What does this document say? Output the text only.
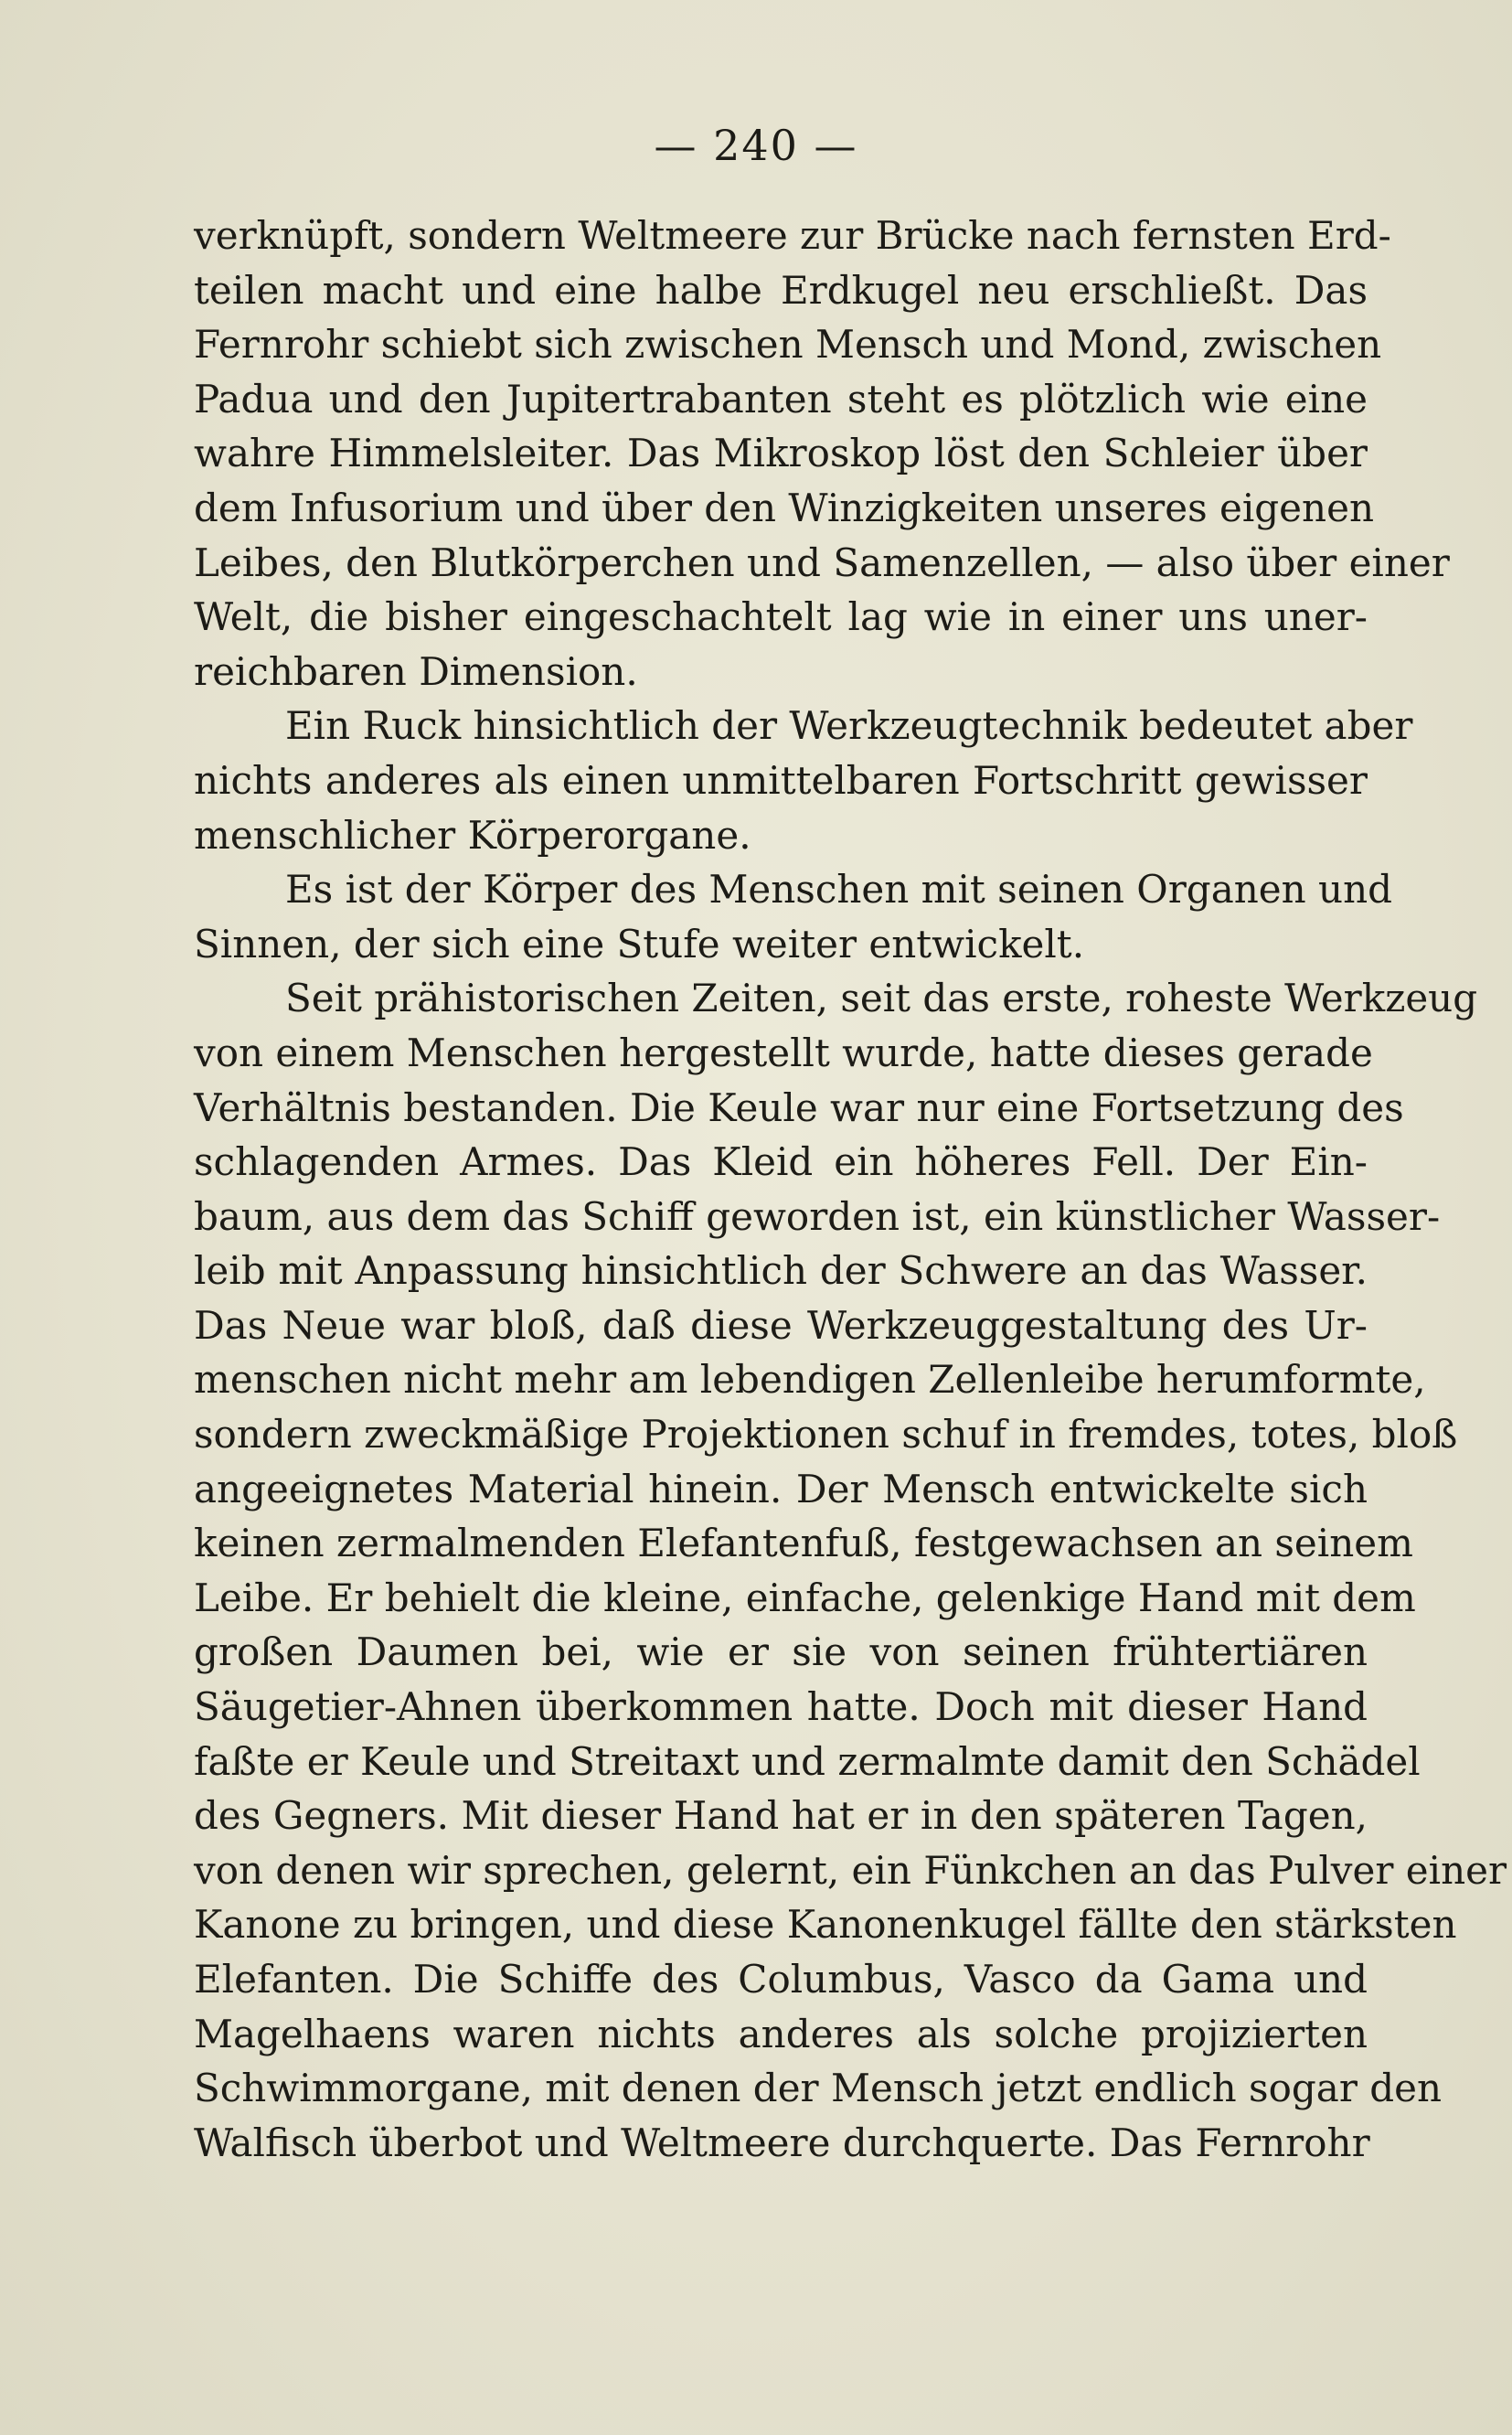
— 240 —

verknüpft, sondern Weltmeere zur Brücke nach fernsten Erd-
teilen macht und eine halbe Erdkugel neu erschließt. Das
Fernrohr schiebt sich zwischen Mensch und Mond, zwischen
Padua und den Jupitertrabanten steht es plötzlich wie eine
wahre Himmelsleiter. Das Mikroskop löst den Schleier über
dem Infusorium und über den Winzigkeiten unseres eigenen
Leibes, den Blutkörperchen und Samenzellen, — also über einer
Welt, die bisher eingeschachtelt lag wie in einer uns uner-
reichbaren Dimension.

Ein Ruck hinsichtlich der Werkzeugtechnik bedeutet aber
nichts anderes als einen unmittelbaren Fortschritt gewisser
menschlicher Körperorgane.

Es ist der Körper des Menschen mit seinen Organen und
Sinnen, der sich eine Stufe weiter entwickelt.

Seit prähistorischen Zeiten, seit das erste, roheste Werkzeug
von einem Menschen hergestellt wurde, hatte dieses gerade
Verhältnis bestanden. Die Keule war nur eine Fortsetzung des
schlagenden Armes. Das Kleid ein höheres Fell. Der Ein-
baum, aus dem das Schiff geworden ist, ein künstlicher Wasser-
leib mit Anpassung hinsichtlich der Schwere an das Wasser.
Das Neue war bloß, daß diese Werkzeuggestaltung des Ur-
menschen nicht mehr am lebendigen Zellenleibe herumformte,
sondern zweckmäßige Projektionen schuf in fremdes, totes, bloß
angeeignetes Material hinein. Der Mensch entwickelte sich
keinen zermalmenden Elefantenfuß, festgewachsen an seinem
Leibe. Er behielt die kleine, einfache, gelenkige Hand mit dem
großen Daumen bei, wie er sie von seinen frühtertiären
Säugetier-Ahnen überkommen hatte. Doch mit dieser Hand
faßte er Keule und Streitaxt und zermalmte damit den Schädel
des Gegners. Mit dieser Hand hat er in den späteren Tagen,
von denen wir sprechen, gelernt, ein Fünkchen an das Pulver einer
Kanone zu bringen, und diese Kanonenkugel fällte den stärksten
Elefanten. Die Schiffe des Columbus, Vasco da Gama und
Magelhaens waren nichts anderes als solche projizierten
Schwimmorgane, mit denen der Mensch jetzt endlich sogar den
Walfisch überbot und Weltmeere durchquerte. Das Fernrohr
